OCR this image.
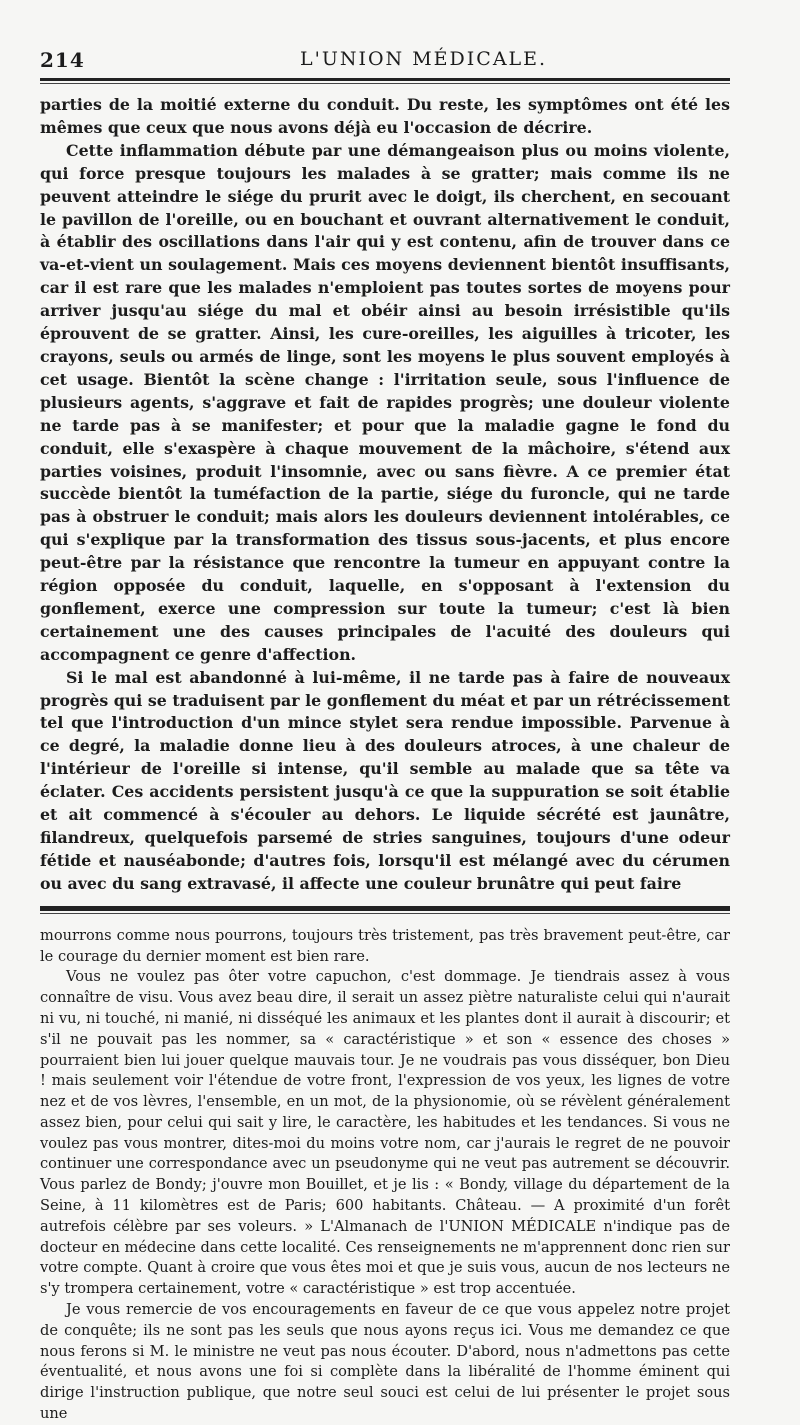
214	L'UNION MÉDICALE.

parties de la moitié externe du conduit. Du reste, les symptômes ont été les mêmes que ceux que nous avons déjà eu l'occasion de décrire.

Cette inflammation débute par une démangeaison plus ou moins violente, qui force presque toujours les malades à se gratter; mais comme ils ne peuvent atteindre le siége du prurit avec le doigt, ils cherchent, en secouant le pavillon de l'oreille, ou en bouchant et ouvrant alternativement le conduit, à établir des oscillations dans l'air qui y est contenu, afin de trouver dans ce va-et-vient un soulagement. Mais ces moyens deviennent bientôt insuffisants, car il est rare que les malades n'emploient pas toutes sortes de moyens pour arriver jusqu'au siége du mal et obéir ainsi au besoin irrésistible qu'ils éprouvent de se gratter. Ainsi, les cure-oreilles, les aiguilles à tricoter, les crayons, seuls ou armés de linge, sont les moyens le plus souvent employés à cet usage. Bientôt la scène change : l'irritation seule, sous l'influence de plusieurs agents, s'aggrave et fait de rapides progrès; une douleur violente ne tarde pas à se manifester; et pour que la maladie gagne le fond du conduit, elle s'exaspère à chaque mouvement de la mâchoire, s'étend aux parties voisines, produit l'insomnie, avec ou sans fièvre. A ce premier état succède bientôt la tuméfaction de la partie, siége du furoncle, qui ne tarde pas à obstruer le conduit; mais alors les douleurs deviennent intolérables, ce qui s'explique par la transformation des tissus sous-jacents, et plus encore peut-être par la résistance que rencontre la tumeur en appuyant contre la région opposée du conduit, laquelle, en s'opposant à l'extension du gonflement, exerce une compression sur toute la tumeur; c'est là bien certainement une des causes principales de l'acuité des douleurs qui accompagnent ce genre d'affection.

Si le mal est abandonné à lui-même, il ne tarde pas à faire de nouveaux progrès qui se traduisent par le gonflement du méat et par un rétrécissement tel que l'introduction d'un mince stylet sera rendue impossible. Parvenue à ce degré, la maladie donne lieu à des douleurs atroces, à une chaleur de l'intérieur de l'oreille si intense, qu'il semble au malade que sa tête va éclater. Ces accidents persistent jusqu'à ce que la suppuration se soit établie et ait commencé à s'écouler au dehors. Le liquide sécrété est jaunâtre, filandreux, quelquefois parsemé de stries sanguines, toujours d'une odeur fétide et nauséabonde; d'autres fois, lorsqu'il est mélangé avec du cérumen ou avec du sang extravasé, il affecte une couleur brunâtre qui peut faire

mourrons comme nous pourrons, toujours très tristement, pas très bravement peut-être, car le courage du dernier moment est bien rare.

Vous ne voulez pas ôter votre capuchon, c'est dommage. Je tiendrais assez à vous connaître de visu. Vous avez beau dire, il serait un assez piètre naturaliste celui qui n'aurait ni vu, ni touché, ni manié, ni disséqué les animaux et les plantes dont il aurait à discourir; et s'il ne pouvait pas les nommer, sa « caractéristique » et son « essence des choses » pourraient bien lui jouer quelque mauvais tour. Je ne voudrais pas vous disséquer, bon Dieu ! mais seulement voir l'étendue de votre front, l'expression de vos yeux, les lignes de votre nez et de vos lèvres, l'ensemble, en un mot, de la physionomie, où se révèlent généralement assez bien, pour celui qui sait y lire, le caractère, les habitudes et les tendances. Si vous ne voulez pas vous montrer, dites-moi du moins votre nom, car j'aurais le regret de ne pouvoir continuer une correspondance avec un pseudonyme qui ne veut pas autrement se découvrir. Vous parlez de Bondy; j'ouvre mon Bouillet, et je lis : « Bondy, village du département de la Seine, à 11 kilomètres est de Paris; 600 habitants. Château. — A proximité d'un forêt autrefois célèbre par ses voleurs. » L'Almanach de l'UNION MÉDICALE n'indique pas de docteur en médecine dans cette localité. Ces renseignements ne m'apprennent donc rien sur votre compte. Quant à croire que vous êtes moi et que je suis vous, aucun de nos lecteurs ne s'y trompera certainement, votre « caractéristique » est trop accentuée.

Je vous remercie de vos encouragements en faveur de ce que vous appelez notre projet de conquête; ils ne sont pas les seuls que nous ayons reçus ici. Vous me demandez ce que nous ferons si M. le ministre ne veut pas nous écouter. D'abord, nous n'admettons pas cette éventualité, et nous avons une foi si complète dans la libéralité de l'homme éminent qui dirige l'instruction publique, que notre seul souci est celui de lui présenter le projet sous une
